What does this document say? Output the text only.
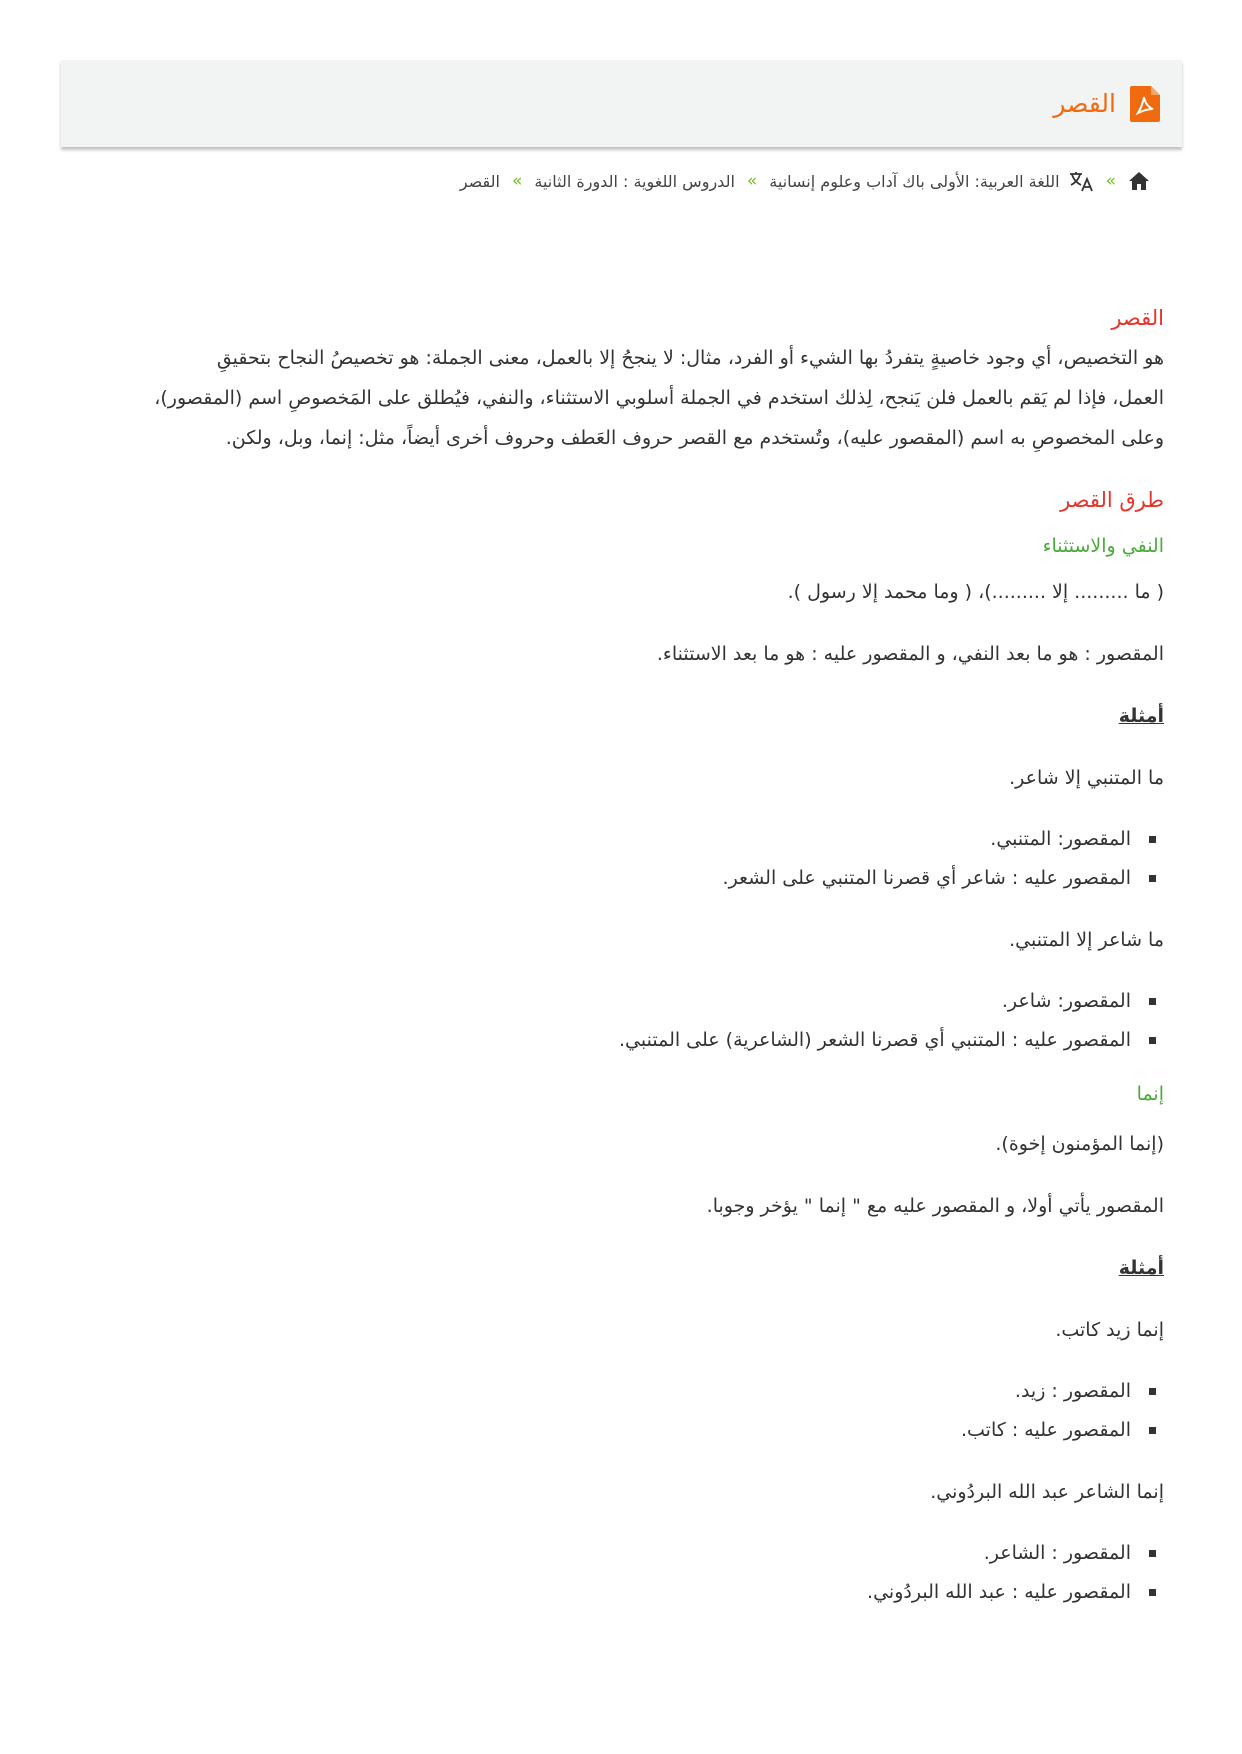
القصر
»
اللغة العربية: الأولى باك آداب وعلوم إنسانية
»
الدروس اللغوية : الدورة الثانية
»
القصر
القصر

هو التخصيص، أي وجود خاصيةٍ يتفردُ بها الشيء أو الفرد، مثال: لا ينجحُ إلا بالعمل، معنى الجملة: هو تخصيصُ النجاح بتحقيقِ

العمل، فإذا لم يَقم بالعمل فلن يَنجح، لِذلك استخدم في الجملة أسلوبي الاستثناء، والنفي، فيُطلق على المَخصوصِ اسم (المقصور)،

وعلى المخصوصِ به اسم (المقصور عليه)، وتُستخدم مع القصر حروف العَطف وحروف أخرى أيضاً، مثل: إنما، وبل، ولكن.

طرق القصر
النفي والاستثناء

( ما ......... إلا .........)، ( وما محمد إلا رسول ).

المقصور : هو ما بعد النفي، و المقصور عليه : هو ما بعد الاستثناء.

أمثلة

ما المتنبي إلا شاعر.

المقصور: المتنبي.
المقصور عليه : شاعر أي قصرنا المتنبي على الشعر.

ما شاعر إلا المتنبي.

المقصور: شاعر.
المقصور عليه : المتنبي أي قصرنا الشعر (الشاعرية) على المتنبي.
إنما

(إنما المؤمنون إخوة).

المقصور يأتي أولا، و المقصور عليه مع " إنما " يؤخر وجوبا.

أمثلة

إنما زيد كاتب.

المقصور : زيد.
المقصور عليه : كاتب.

إنما الشاعر عبد الله البردُوني.

المقصور : الشاعر.
المقصور عليه : عبد الله البردُوني.
